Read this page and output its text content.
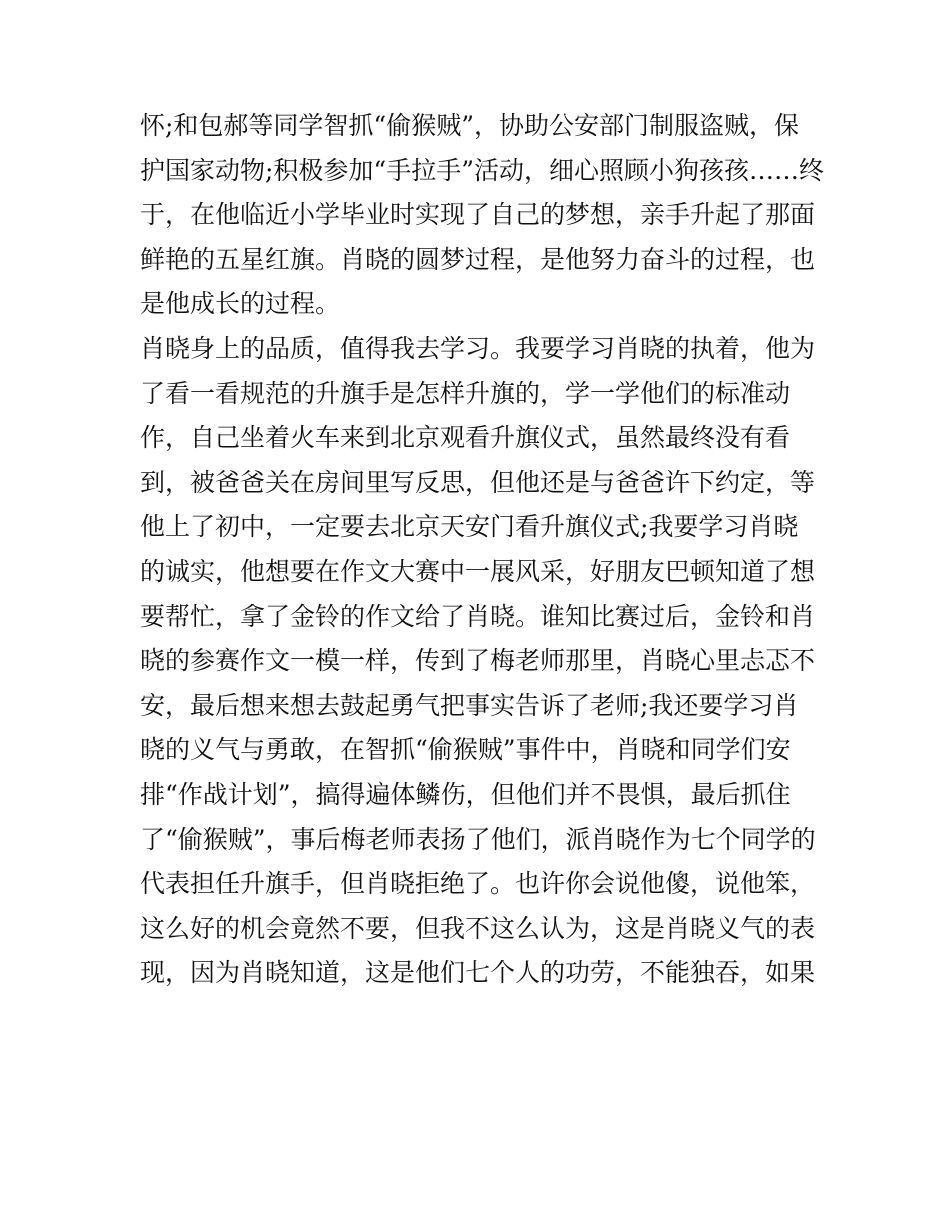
怀;和包郝等同学智抓“偷猴贼”，协助公安部门制服盗贼，保
护国家动物;积极参加“手拉手”活动，细心照顾小狗孩孩……终
于，在他临近小学毕业时实现了自己的梦想，亲手升起了那面
鲜艳的五星红旗。肖晓的圆梦过程，是他努力奋斗的过程，也
是他成长的过程。
肖晓身上的品质，值得我去学习。我要学习肖晓的执着，他为
了看一看规范的升旗手是怎样升旗的，学一学他们的标准动
作，自己坐着火车来到北京观看升旗仪式，虽然最终没有看
到，被爸爸关在房间里写反思，但他还是与爸爸许下约定，等
他上了初中，一定要去北京天安门看升旗仪式;我要学习肖晓
的诚实，他想要在作文大赛中一展风采，好朋友巴顿知道了想
要帮忙，拿了金铃的作文给了肖晓。谁知比赛过后，金铃和肖
晓的参赛作文一模一样，传到了梅老师那里，肖晓心里忐忑不
安，最后想来想去鼓起勇气把事实告诉了老师;我还要学习肖
晓的义气与勇敢，在智抓“偷猴贼”事件中，肖晓和同学们安
排“作战计划”，搞得遍体鳞伤，但他们并不畏惧，最后抓住
了“偷猴贼”，事后梅老师表扬了他们，派肖晓作为七个同学的
代表担任升旗手，但肖晓拒绝了。也许你会说他傻，说他笨，
这么好的机会竟然不要，但我不这么认为，这是肖晓义气的表
现，因为肖晓知道，这是他们七个人的功劳，不能独吞，如果
